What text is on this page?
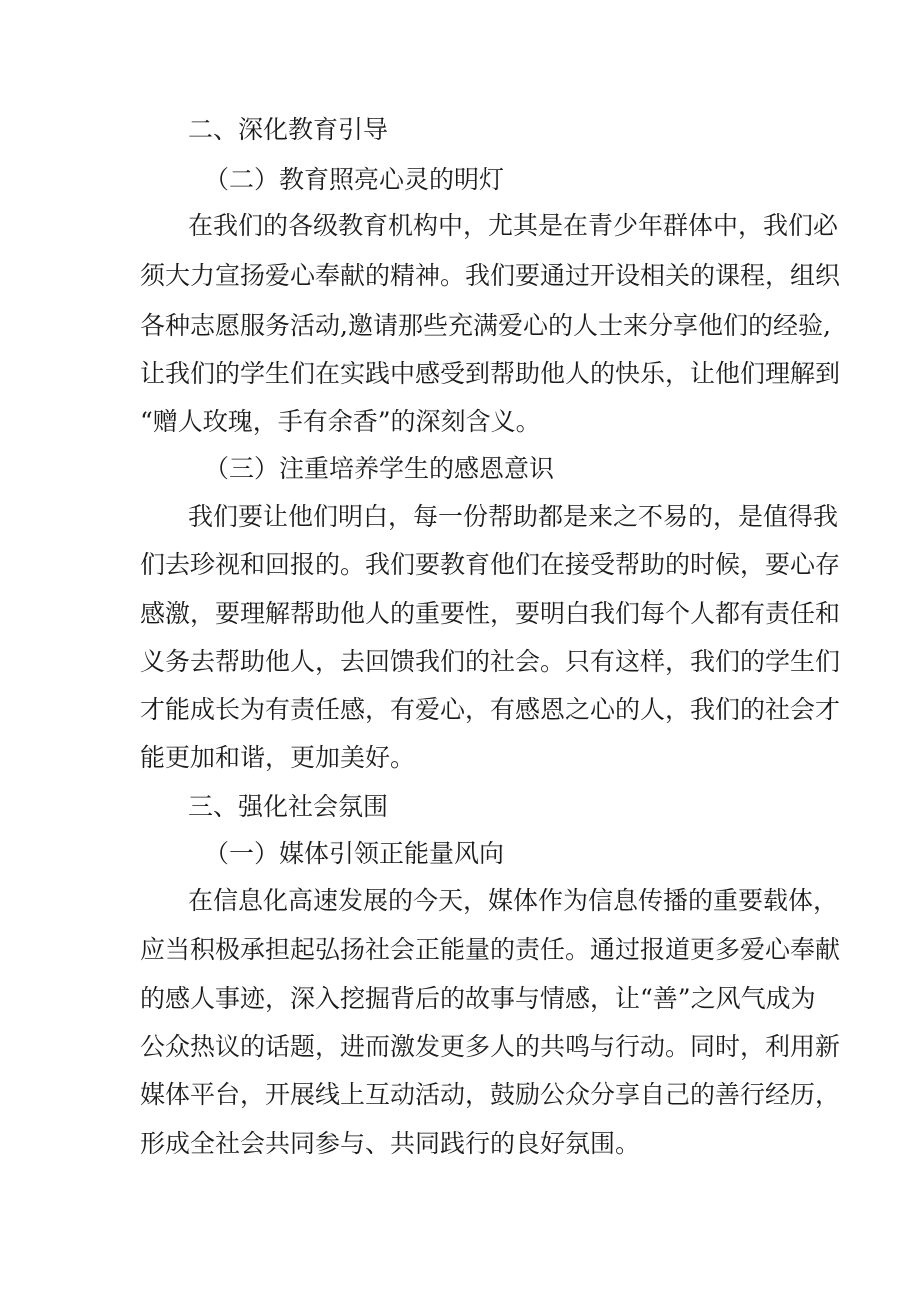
二、深化教育引导
（二）教育照亮心灵的明灯
在我们的各级教育机构中，尤其是在青少年群体中，我们必
须大力宣扬爱心奉献的精神。我们要通过开设相关的课程，组织
各种志愿服务活动,邀请那些充满爱心的人士来分享他们的经验,
让我们的学生们在实践中感受到帮助他人的快乐，让他们理解到
“赠人玫瑰，手有余香”的深刻含义。
（三）注重培养学生的感恩意识
我们要让他们明白，每一份帮助都是来之不易的，是值得我
们去珍视和回报的。我们要教育他们在接受帮助的时候，要心存
感激，要理解帮助他人的重要性，要明白我们每个人都有责任和
义务去帮助他人，去回馈我们的社会。只有这样，我们的学生们
才能成长为有责任感，有爱心，有感恩之心的人，我们的社会才
能更加和谐，更加美好。
三、强化社会氛围
（一）媒体引领正能量风向
在信息化高速发展的今天，媒体作为信息传播的重要载体，
应当积极承担起弘扬社会正能量的责任。通过报道更多爱心奉献
的感人事迹，深入挖掘背后的故事与情感，让“善”之风气成为
公众热议的话题，进而激发更多人的共鸣与行动。同时，利用新
媒体平台，开展线上互动活动，鼓励公众分享自己的善行经历，
形成全社会共同参与、共同践行的良好氛围。
